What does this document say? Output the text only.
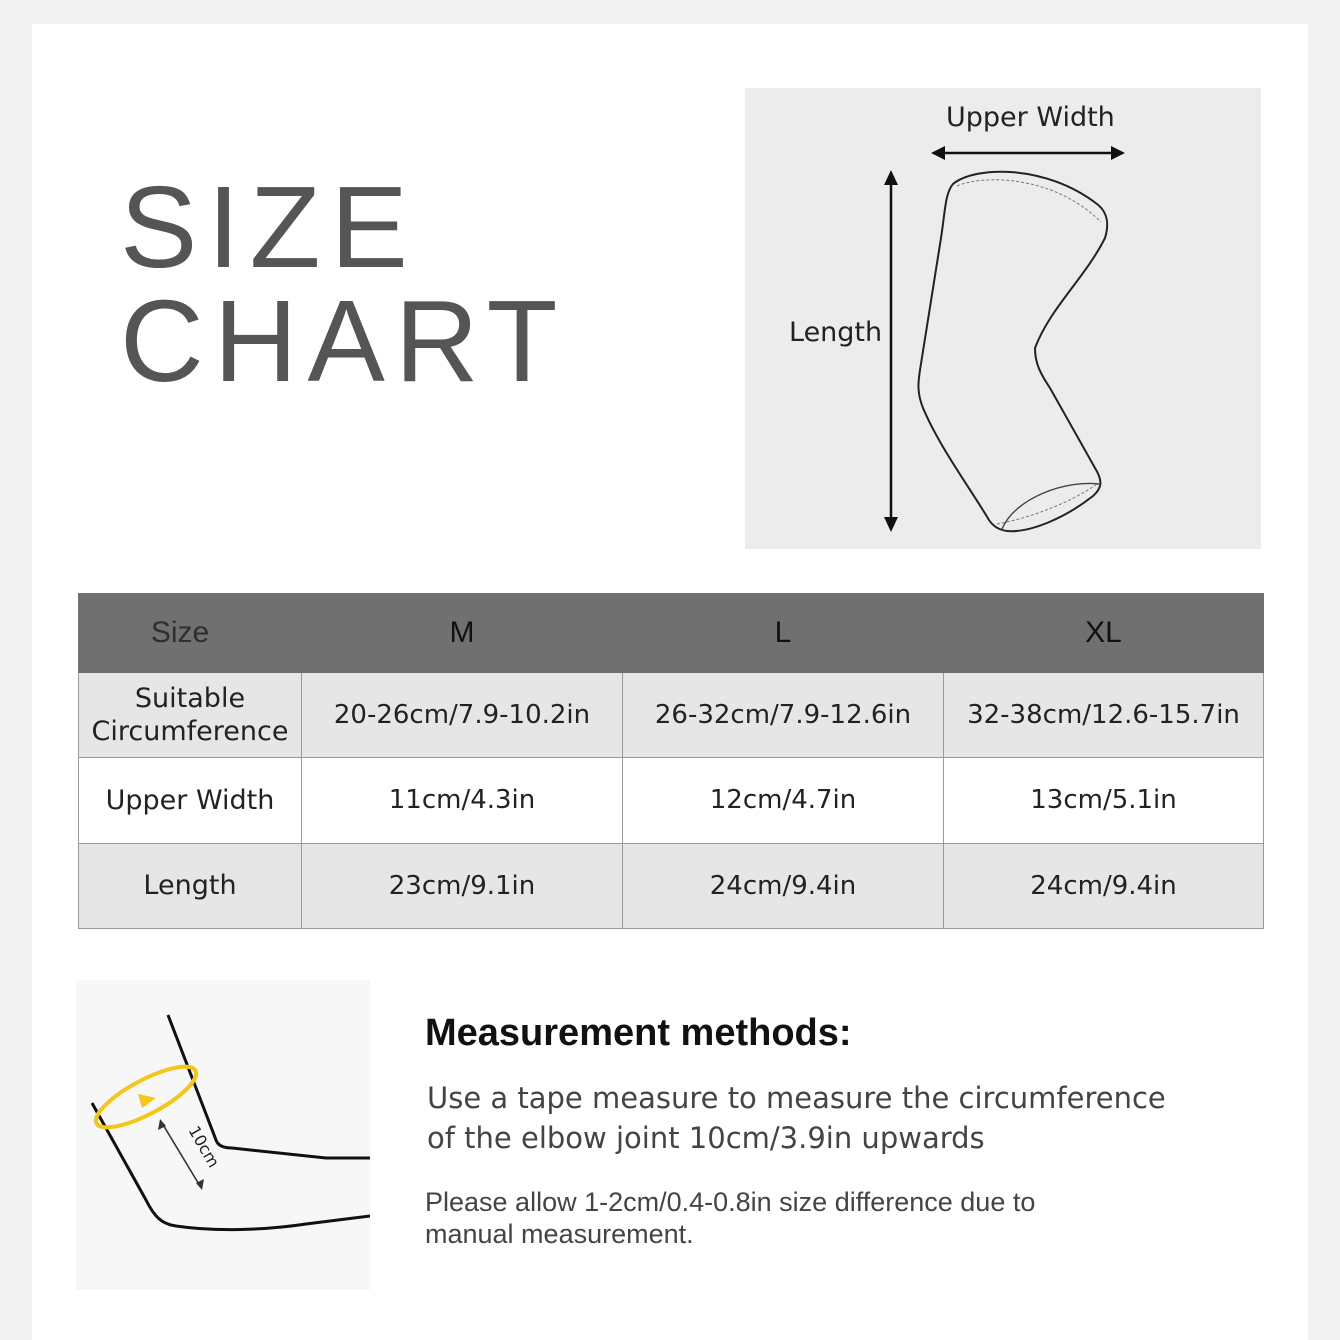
SIZE
CHART
Upper Width
Length
Size	M	L	XL

Suitable
Circumference	20-26cm/7.9-10.2in	26-32cm/7.9-12.6in	32-38cm/12.6-15.7in
Upper Width	11cm/4.3in	12cm/4.7in	13cm/5.1in
Length	23cm/9.1in	24cm/9.4in	24cm/9.4in
10cm
Measurement methods:
Use a tape measure to measure the circumference
of the elbow joint 10cm/3.9in upwards
Please allow 1-2cm/0.4-0.8in size difference due to
manual measurement.
